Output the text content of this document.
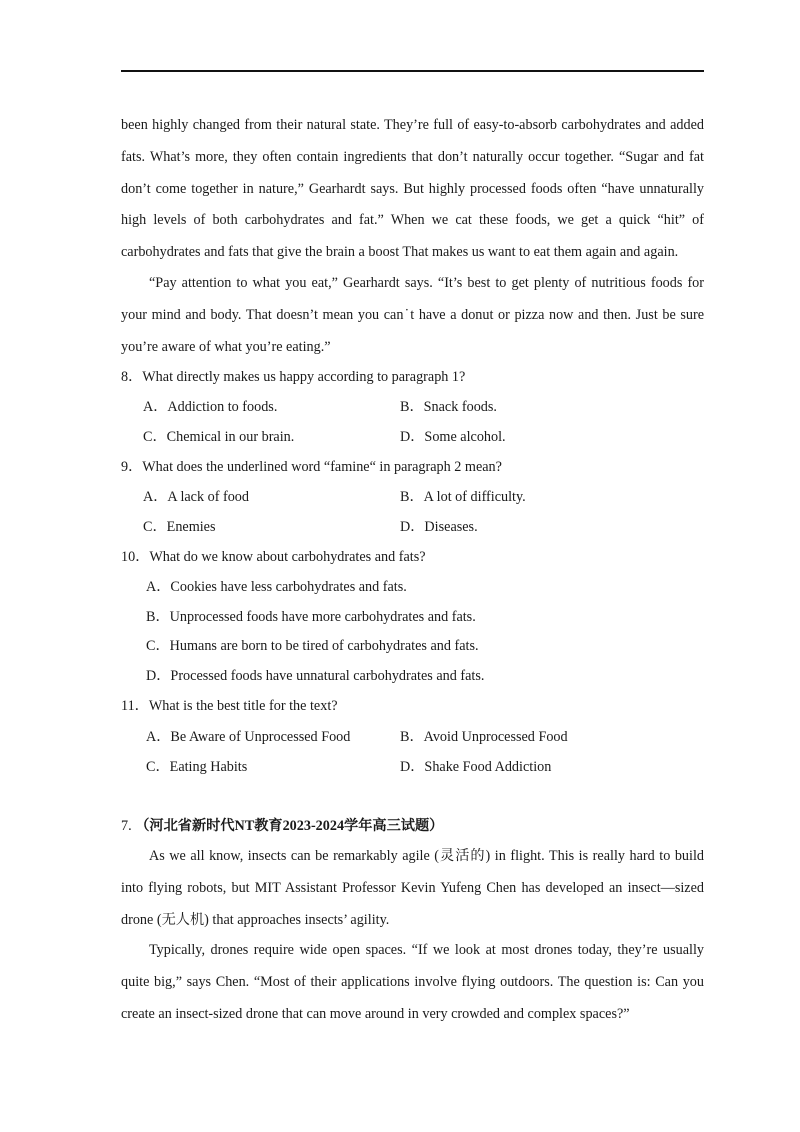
been highly changed from their natural state. They’re full of easy-to-absorb carbohydrates and added fats. What’s more, they often contain ingredients that don’t naturally occur together. “Sugar and fat don’t come together in nature,” Gearhardt says. But highly processed foods often “have unnaturally high levels of both carbohydrates and fat.” When we cat these foods, we get a quick “hit” of carbohydrates and fats that give the brain a boost That makes us want to eat them again and again.

“Pay attention to what you eat,” Gearhardt says. “It’s best to get plenty of nutritious foods for your mind and body. That doesn’t mean you can˙t have a donut or pizza now and then. Just be sure you’re aware of what you’re eating.”

8．What directly makes us happy according to paragraph 1?
A．Addiction to foods.	B．Snack foods.
C．Chemical in our brain.	D．Some alcohol.
9．What does the underlined word “famine“ in paragraph 2 mean?
A．A lack of food	B．A lot of difficulty.
C．Enemies	D．Diseases.
10．What do we know about carbohydrates and fats?
A．Cookies have less carbohydrates and fats.
B．Unprocessed foods have more carbohydrates and fats.
C．Humans are born to be tired of carbohydrates and fats.
D．Processed foods have unnatural carbohydrates and fats.
11．What is the best title for the text?
A．Be Aware of Unprocessed Food	B．Avoid Unprocessed Food
C．Eating Habits	D．Shake Food Addiction
7. （河北省新时代NT教育2023-2024学年高三试题）

As we all know, insects can be remarkably agile (灵活的) in flight. This is really hard to build into flying robots, but MIT Assistant Professor Kevin Yufeng Chen has developed an insect—sized drone (无人机) that approaches insects’ agility.

Typically, drones require wide open spaces. “If we look at most drones today, they’re usually quite big,” says Chen. “Most of their applications involve flying outdoors. The question is: Can you create an insect-sized drone that can move around in very crowded and complex spaces?”
